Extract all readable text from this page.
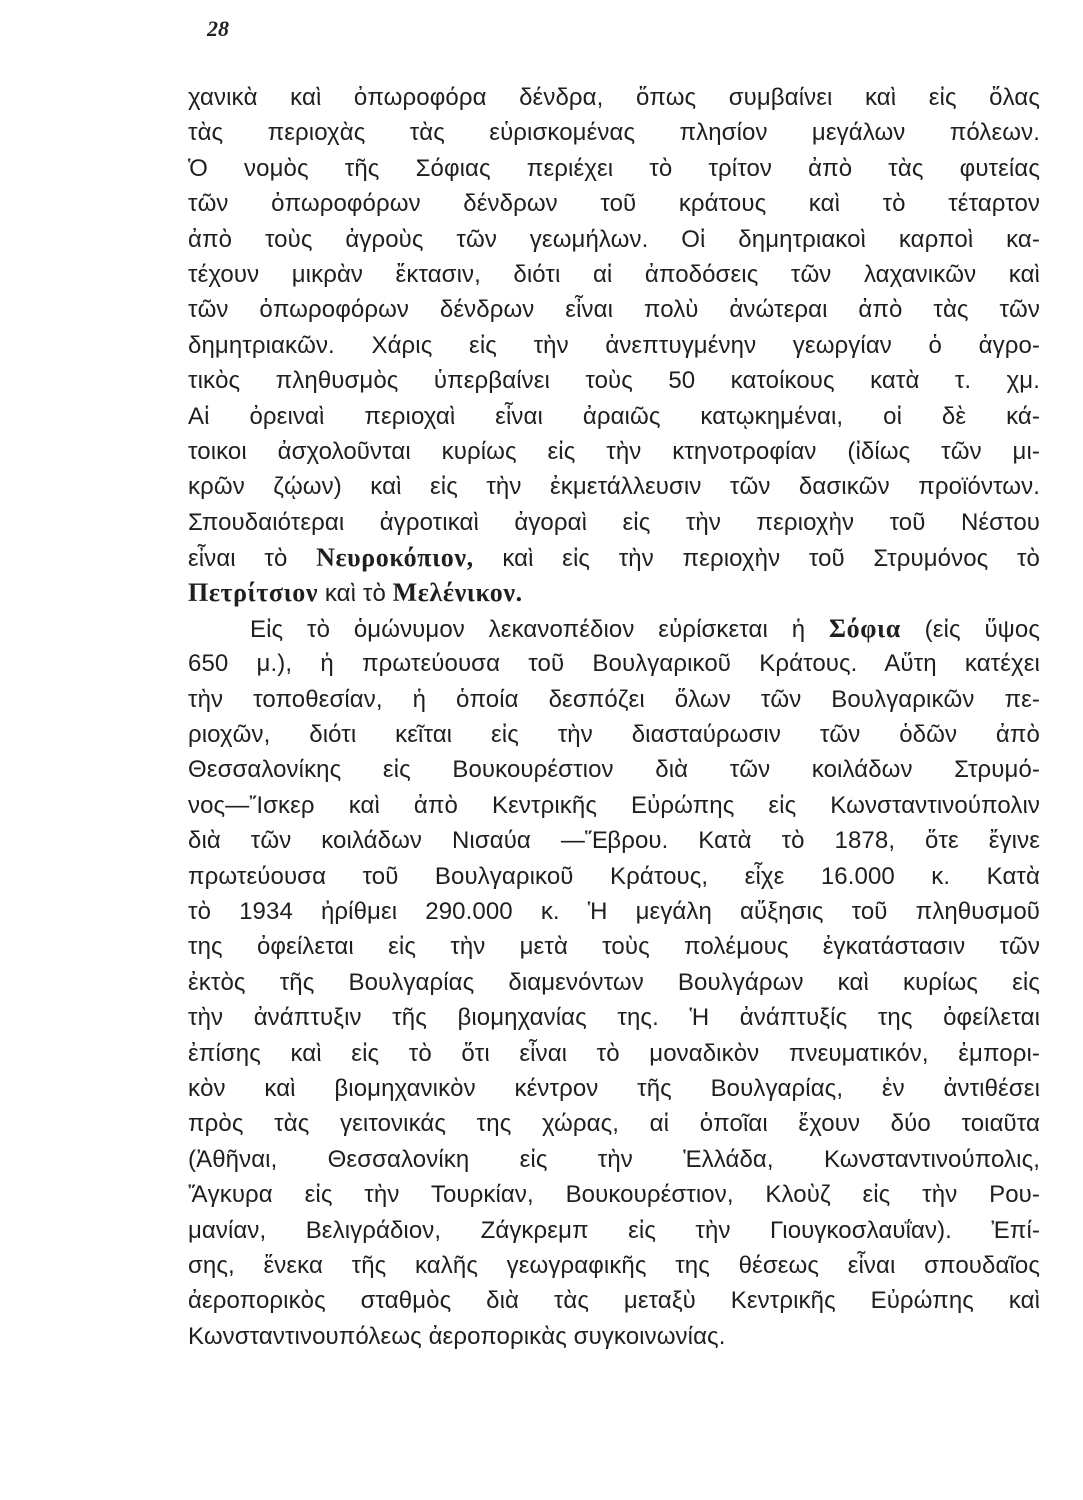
28
χανικὰ καὶ ὀπωροφόρα δένδρα, ὅπως συμβαίνει καὶ εἰς ὅλας
τὰς περιοχὰς τὰς εὑρισκομένας πλησίον μεγάλων πόλεων.
Ὁ νομὸς τῆς Σόφιας περιέχει τὸ τρίτον ἀπὸ τὰς φυτείας
τῶν ὀπωροφόρων δένδρων τοῦ κράτους καὶ τὸ τέταρτον
ἀπὸ τοὺς ἀγροὺς τῶν γεωμήλων. Οἱ δημητριακοὶ καρποὶ κα-
τέχουν μικρὰν ἔκτασιν, διότι αἱ ἀποδόσεις τῶν λαχανικῶν καὶ
τῶν ὀπωροφόρων δένδρων εἶναι πολὺ ἀνώτεραι ἀπὸ τὰς τῶν
δημητριακῶν. Χάρις εἰς τὴν ἀνεπτυγμένην γεωργίαν ὁ ἀγρο-
τικὸς πληθυσμὸς ὑπερβαίνει τοὺς 50 κατοίκους κατὰ τ. χμ.
Αἱ ὀρειναὶ περιοχαὶ εἶναι ἀραιῶς κατῳκημέναι, οἱ δὲ κά-
τοικοι ἀσχολοῦνται κυρίως εἰς τὴν κτηνοτροφίαν (ἰδίως τῶν μι-
κρῶν ζῴων) καὶ εἰς τὴν ἐκμετάλλευσιν τῶν δασικῶν προϊόντων.
Σπουδαιότεραι ἀγροτικαὶ ἀγοραὶ εἰς τὴν περιοχὴν τοῦ Νέστου
εἶναι τὸ Νευροκόπιον, καὶ εἰς τὴν περιοχὴν τοῦ Στρυμόνος τὸ
Πετρίτσιον καὶ τὸ Μελένικον.
Εἰς τὸ ὁμώνυμον λεκανοπέδιον εὑρίσκεται ἡ Σόφια (εἰς ὕψος
650 μ.), ἡ πρωτεύουσα τοῦ Βουλγαρικοῦ Κράτους. Αὕτη κατέχει
τὴν τοποθεσίαν, ἡ ὁποία δεσπόζει ὅλων τῶν Βουλγαρικῶν πε-
ριοχῶν, διότι κεῖται εἰς τὴν διασταύρωσιν τῶν ὁδῶν ἀπὸ
Θεσσαλονίκης εἰς Βουκουρέστιον διὰ τῶν κοιλάδων Στρυμό-
νος—Ἴσκερ καὶ ἀπὸ Κεντρικῆς Εὐρώπης εἰς Κωνσταντινούπολιν
διὰ τῶν κοιλάδων Νισαύα —Ἕβρου. Κατὰ τὸ 1878, ὅτε ἔγινε
πρωτεύουσα τοῦ Βουλγαρικοῦ Κράτους, εἶχε 16.000 κ. Κατὰ
τὸ 1934 ἠρίθμει 290.000 κ. Ἡ μεγάλη αὔξησις τοῦ πληθυσμοῦ
της ὀφείλεται εἰς τὴν μετὰ τοὺς πολέμους ἐγκατάστασιν τῶν
ἐκτὸς τῆς Βουλγαρίας διαμενόντων Βουλγάρων καὶ κυρίως εἰς
τὴν ἀνάπτυξιν τῆς βιομηχανίας της. Ἡ ἀνάπτυξίς της ὀφείλεται
ἐπίσης καὶ εἰς τὸ ὅτι εἶναι τὸ μοναδικὸν πνευματικόν, ἐμπορι-
κὸν καὶ βιομηχανικὸν κέντρον τῆς Βουλγαρίας, ἐν ἀντιθέσει
πρὸς τὰς γειτονικάς της χώρας, αἱ ὁποῖαι ἔχουν δύο τοιαῦτα
(Ἀθῆναι, Θεσσαλονίκη εἰς τὴν Ἑλλάδα, Κωνσταντινούπολις,
Ἄγκυρα εἰς τὴν Τουρκίαν, Βουκουρέστιον, Κλοὺζ εἰς τὴν Ρου-
μανίαν, Βελιγράδιον, Ζάγκρεμπ εἰς τὴν Γιουγκοσλαυΐαν). Ἐπί-
σης, ἕνεκα τῆς καλῆς γεωγραφικῆς της θέσεως εἶναι σπουδαῖος
ἀεροπορικὸς σταθμὸς διὰ τὰς μεταξὺ Κεντρικῆς Εὐρώπης καὶ
Κωνσταντινουπόλεως ἀεροπορικὰς συγκοινωνίας.
